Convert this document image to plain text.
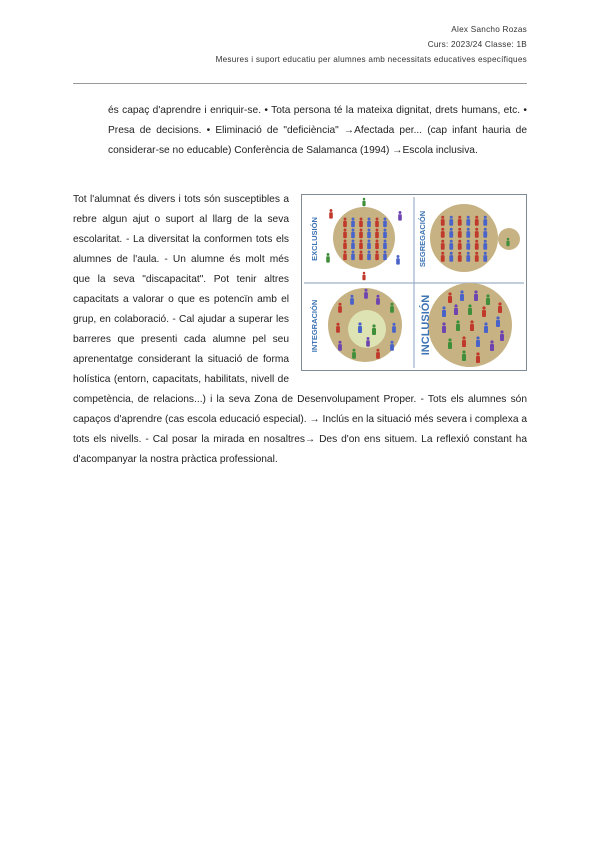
Alex Sancho Rozas
Curs: 2023/24 Classe: 1B
Mesures i suport educatiu per alumnes amb necessitats educatives específiques

és capaç d'aprendre i enriquir-se. • Tota persona té la mateixa dignitat, drets humans, etc. • Presa de decisions. • Eliminació de "deficiència" →Afectada per... (cap infant hauria de considerar-se no educable) Conferència de Salamanca (1994) →Escola inclusiva.

EXCLUSIÓN	SEGREGACIÓN
INTEGRACIÓN	INCLUSIÓN

Tot l'alumnat és divers i tots són susceptibles a rebre algun ajut o suport al llarg de la seva escolaritat. - La diversitat la conformen tots els alumnes de l'aula. - Un alumne és molt més que la seva "discapacitat". Pot tenir altres capacitats a valorar o que es potencïn amb el grup, en colaboració. - Cal ajudar a superar les barreres que presenti cada alumne pel seu aprenentatge considerant la situació de forma holística (entorn, capacitats, habilitats, nivell de competència, de relacions...) i la seva Zona de Desenvolupament Proper. - Tots els alumnes són capaços d'aprendre (cas escola educació especial). → Inclús en la situació més severa i complexa a tots els nivells. - Cal posar la mirada en nosaltres→ Des d'on ens situem. La reflexió constant ha d'acompanyar la nostra pràctica professional.
